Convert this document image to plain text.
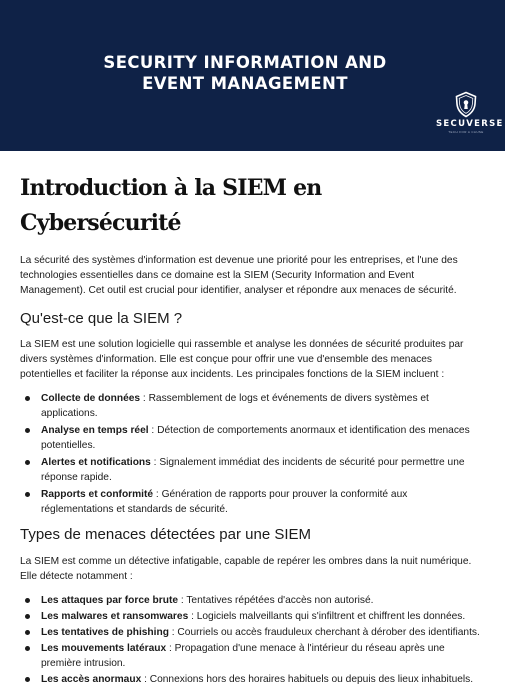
SECURITY INFORMATION AND
EVENT MANAGEMENT
SECUVERSE
TECH FOR A CAUSE
Introduction à la SIEM en
Cybersécurité

La sécurité des systèmes d'information est devenue une priorité pour les entreprises, et l'une des technologies essentielles dans ce domaine est la SIEM (Security Information and Event Management). Cet outil est crucial pour identifier, analyser et répondre aux menaces de sécurité.

Qu'est-ce que la SIEM ?

La SIEM est une solution logicielle qui rassemble et analyse les données de sécurité produites par divers systèmes d'information. Elle est conçue pour offrir une vue d'ensemble des menaces potentielles et faciliter la réponse aux incidents. Les principales fonctions de la SIEM incluent :

Collecte de données : Rassemblement de logs et événements de divers systèmes et applications.
Analyse en temps réel : Détection de comportements anormaux et identification des menaces potentielles.
Alertes et notifications : Signalement immédiat des incidents de sécurité pour permettre une réponse rapide.
Rapports et conformité : Génération de rapports pour prouver la conformité aux réglementations et standards de sécurité.
Types de menaces détectées par une SIEM

La SIEM est comme un détective infatigable, capable de repérer les ombres dans la nuit numérique. Elle détecte notamment :

Les attaques par force brute : Tentatives répétées d'accès non autorisé.
Les malwares et ransomwares : Logiciels malveillants qui s'infiltrent et chiffrent les données.
Les tentatives de phishing : Courriels ou accès frauduleux cherchant à dérober des identifiants.
Les mouvements latéraux : Propagation d'une menace à l'intérieur du réseau après une première intrusion.
Les accès anormaux : Connexions hors des horaires habituels ou depuis des lieux inhabituels.
